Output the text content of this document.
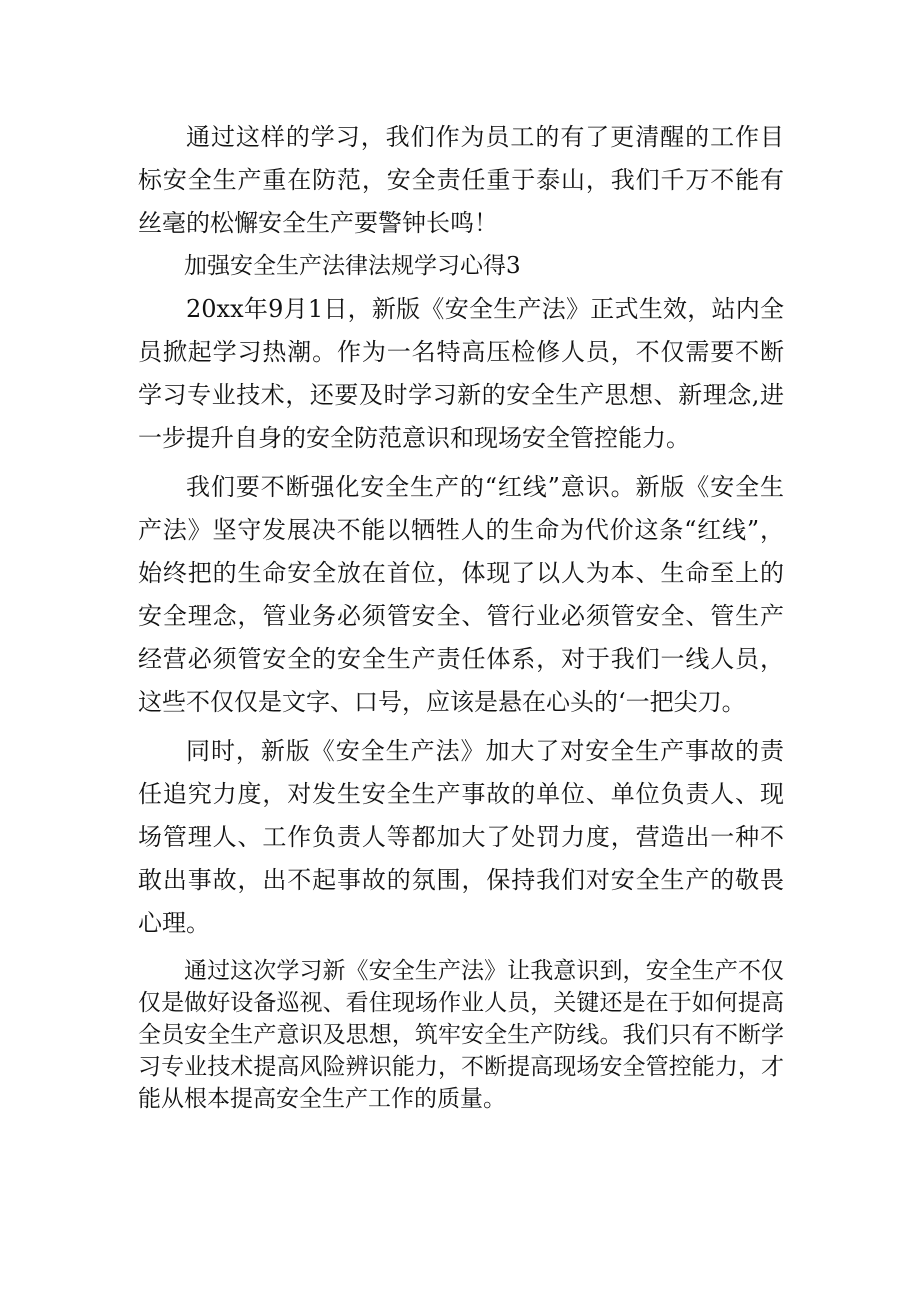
通过这样的学习，我们作为员工的有了更清醒的工作目标安全生产重在防范，安全责任重于泰山，我们千万不能有丝毫的松懈安全生产要警钟长鸣！

加强安全生产法律法规学习心得3

20xx年9月1日，新版《安全生产法》正式生效，站内全员掀起学习热潮。作为一名特高压检修人员，不仅需要不断学习专业技术，还要及时学习新的安全生产思想、新理念,进一步提升自身的安全防范意识和现场安全管控能力。

我们要不断强化安全生产的“红线”意识。新版《安全生产法》坚守发展决不能以牺牲人的生命为代价这条“红线”，始终把的生命安全放在首位，体现了以人为本、生命至上的安全理念，管业务必须管安全、管行业必须管安全、管生产经营必须管安全的安全生产责任体系，对于我们一线人员，这些不仅仅是文字、口号，应该是悬在心头的‘一把尖刀。

同时，新版《安全生产法》加大了对安全生产事故的责任追究力度，对发生安全生产事故的单位、单位负责人、现场管理人、工作负责人等都加大了处罚力度，营造出一种不敢出事故，出不起事故的氛围，保持我们对安全生产的敬畏心理。

通过这次学习新《安全生产法》让我意识到，安全生产不仅仅是做好设备巡视、看住现场作业人员，关键还是在于如何提高全员安全生产意识及思想，筑牢安全生产防线。我们只有不断学习专业技术提高风险辨识能力，不断提高现场安全管控能力，才能从根本提高安全生产工作的质量。
